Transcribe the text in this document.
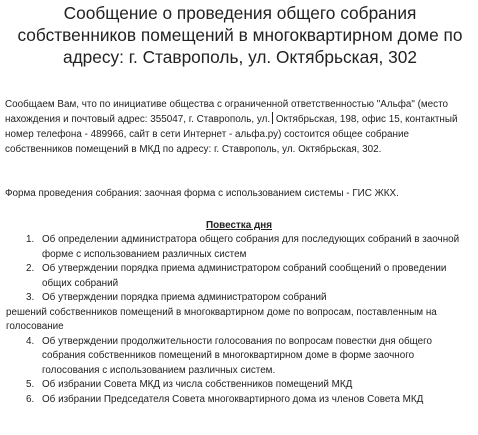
Сообщение о проведения общего собрания собственников помещений в многоквартирном доме по адресу: г. Ставрополь, ул. Октябрьская, 302

Сообщаем Вам, что по инициативе общества с ограниченной ответственностью "Альфа" (место нахождения и почтовый адрес: 355047, г. Ставрополь, ул. Октябрьская, 198, офис 15, контактный номер телефона - 489966, сайт в сети Интернет - альфа.ру) состоится общее собрание собственников помещений в МКД по адресу: г. Ставрополь, ул. Октябрьская, 302.

Форма проведения собрания: заочная форма с использованием системы - ГИС ЖКХ.

Повестка дня

1. Об определении администратора общего собрания для последующих собраний в заочной форме с использованием различных систем
2. Об утверждении порядка приема администратором собраний сообщений о проведении общих собраний
3. Об утверждении порядка приема администратором собраний
решений собственников помещений в многоквартирном доме по вопросам, поставленным на голосование
4. Об утверждении продолжительности голосования по вопросам повестки дня общего собрания собственников помещений в многоквартирном доме в форме заочного голосования с использованием различных систем.
5. Об избрании Совета МКД из числа собственников помещений МКД
6. Об избрании Председателя Совета многоквартирного дома из членов Совета МКД
